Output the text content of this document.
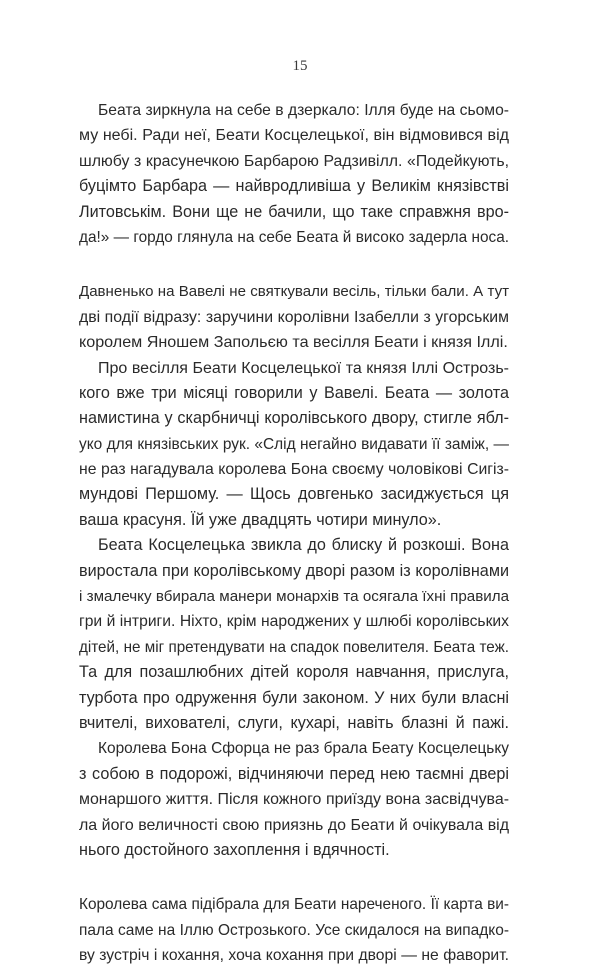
15
Беата зиркнула на себе в дзеркало: Ілля буде на сьомо-
му небі. Ради неї, Беати Косцелецької, він відмовився від
шлюбу з красунечкою Барбарою Радзивілл. «Подейкують,
буцімто Барбара — найвродливіша у Великім князівстві
Литовськім. Вони ще не бачили, що таке справжня вро-
да!» — гордо глянула на себе Беата й високо задерла носа.
Давненько на Вавелі не святкували весіль, тільки бали. А тут
дві події відразу: заручини королівни Ізабелли з угорським
королем Яношем Запольєю та весілля Беати і князя Іллі.
Про весілля Беати Косцелецької та князя Іллі Острозь-
кого вже три місяці говорили у Вавелі. Беата — золота
намистина у скарбничці королівського двору, стигле ябл-
уко для князівських рук. «Слід негайно видавати її заміж, —
не раз нагадувала королева Бона своєму чоловікові Сигіз-
мундові Першому. — Щось довгенько засиджується ця
ваша красуня. Їй уже двадцять чотири минуло».
Беата Косцелецька звикла до блиску й розкоші. Вона
виростала при королівському дворі разом із королівнами
і змалечку вбирала манери монархів та осягала їхні правила
гри й інтриги. Ніхто, крім народжених у шлюбі королівських
дітей, не міг претендувати на спадок повелителя. Беата теж.
Та для позашлюбних дітей короля навчання, прислуга,
турбота про одруження були законом. У них були власні
вчителі, вихователі, слуги, кухарі, навіть блазні й пажі.
Королева Бона Сфорца не раз брала Беату Косцелецьку
з собою в подорожі, відчиняючи перед нею таємні двері
монаршого життя. Після кожного приїзду вона засвідчува-
ла його величності свою приязнь до Беати й очікувала від
нього достойного захоплення і вдячності.
Королева сама підібрала для Беати нареченого. Її карта ви-
пала саме на Іллю Острозького. Усе скидалося на випадко-
ву зустріч і кохання, хоча кохання при дворі — не фаворит.
